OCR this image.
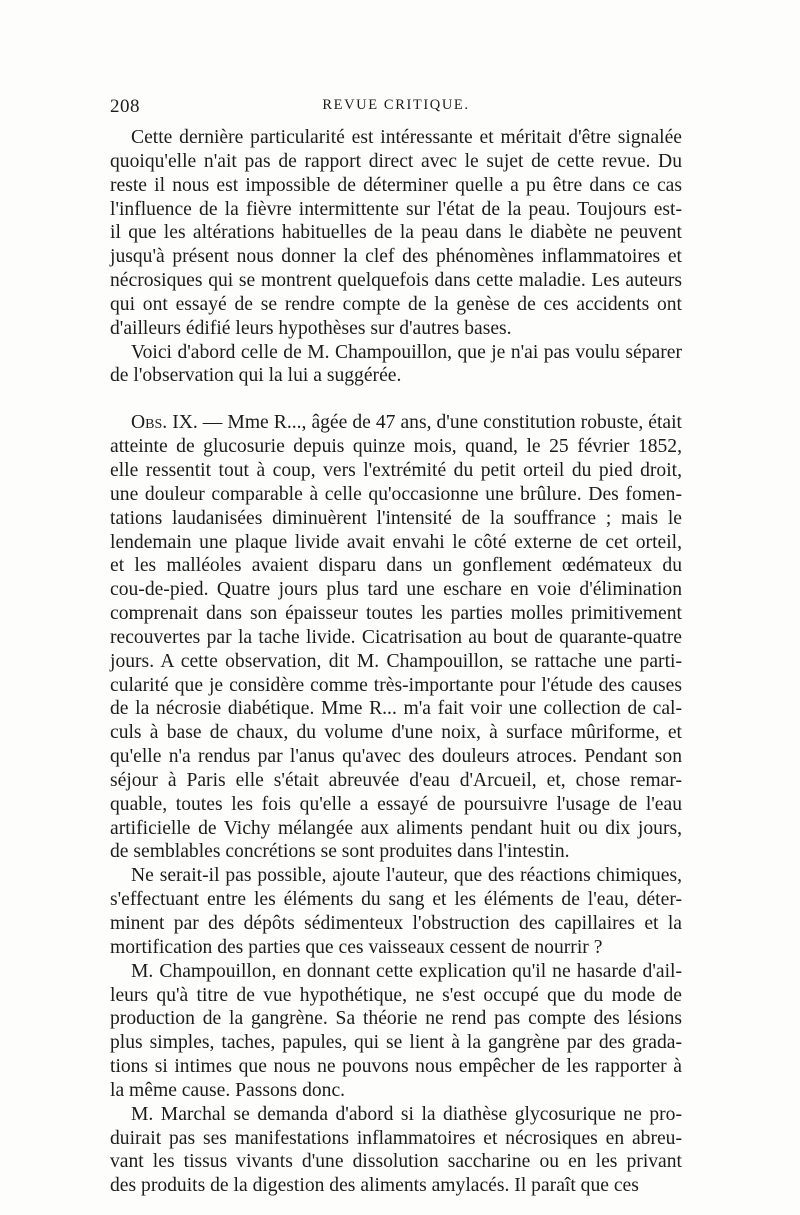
208	REVUE CRITIQUE.

Cette dernière particularité est intéressante et méritait d'être signalée
quoiqu'elle n'ait pas de rapport direct avec le sujet de cette revue. Du
reste il nous est impossible de déterminer quelle a pu être dans ce cas
l'influence de la fièvre intermittente sur l'état de la peau. Toujours est-
il que les altérations habituelles de la peau dans le diabète ne peuvent
jusqu'à présent nous donner la clef des phénomènes inflammatoires et
nécrosiques qui se montrent quelquefois dans cette maladie. Les auteurs
qui ont essayé de se rendre compte de la genèse de ces accidents ont
d'ailleurs édifié leurs hypothèses sur d'autres bases.

Voici d'abord celle de M. Champouillon, que je n'ai pas voulu séparer
de l'observation qui la lui a suggérée.

Obs. IX. — Mme R..., âgée de 47 ans, d'une constitution robuste, était
atteinte de glucosurie depuis quinze mois, quand, le 25 février 1852,
elle ressentit tout à coup, vers l'extrémité du petit orteil du pied droit,
une douleur comparable à celle qu'occasionne une brûlure. Des fomen-
tations laudanisées diminuèrent l'intensité de la souffrance ; mais le
lendemain une plaque livide avait envahi le côté externe de cet orteil,
et les malléoles avaient disparu dans un gonflement œdémateux du
cou-de-pied. Quatre jours plus tard une eschare en voie d'élimination
comprenait dans son épaisseur toutes les parties molles primitivement
recouvertes par la tache livide. Cicatrisation au bout de quarante-quatre
jours. A cette observation, dit M. Champouillon, se rattache une parti-
cularité que je considère comme très-importante pour l'étude des causes
de la nécrosie diabétique. Mme R... m'a fait voir une collection de cal-
culs à base de chaux, du volume d'une noix, à surface mûriforme, et
qu'elle n'a rendus par l'anus qu'avec des douleurs atroces. Pendant son
séjour à Paris elle s'était abreuvée d'eau d'Arcueil, et, chose remar-
quable, toutes les fois qu'elle a essayé de poursuivre l'usage de l'eau
artificielle de Vichy mélangée aux aliments pendant huit ou dix jours,
de semblables concrétions se sont produites dans l'intestin.

Ne serait-il pas possible, ajoute l'auteur, que des réactions chimiques,
s'effectuant entre les éléments du sang et les éléments de l'eau, déter-
minent par des dépôts sédimenteux l'obstruction des capillaires et la
mortification des parties que ces vaisseaux cessent de nourrir ?

M. Champouillon, en donnant cette explication qu'il ne hasarde d'ail-
leurs qu'à titre de vue hypothétique, ne s'est occupé que du mode de
production de la gangrène. Sa théorie ne rend pas compte des lésions
plus simples, taches, papules, qui se lient à la gangrène par des grada-
tions si intimes que nous ne pouvons nous empêcher de les rapporter à
la même cause. Passons donc.

M. Marchal se demanda d'abord si la diathèse glycosurique ne pro-
duirait pas ses manifestations inflammatoires et nécrosiques en abreu-
vant les tissus vivants d'une dissolution saccharine ou en les privant
des produits de la digestion des aliments amylacés. Il paraît que ces
